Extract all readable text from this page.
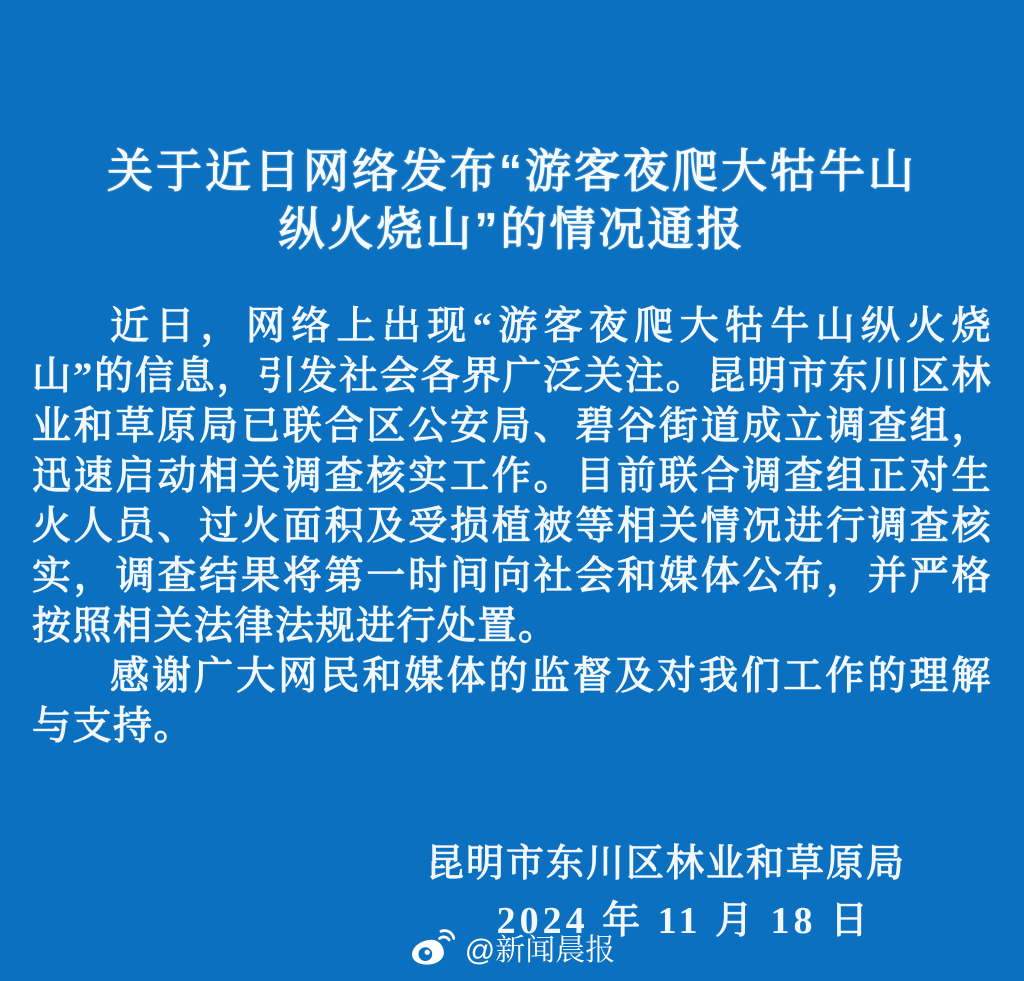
关于近日网络发布“游客夜爬大牯牛山
纵火烧山”的情况通报

近日，网络上出现“游客夜爬大牯牛山纵火烧山”的信息，引发社会各界广泛关注。昆明市东川区林业和草原局已联合区公安局、碧谷街道成立调查组，迅速启动相关调查核实工作。目前联合调查组正对生火人员、过火面积及受损植被等相关情况进行调查核实，调查结果将第一时间向社会和媒体公布，并严格按照相关法律法规进行处置。

感谢广大网民和媒体的监督及对我们工作的理解与支持。

昆明市东川区林业和草原局
2024 年 11 月 18 日
@新闻晨报
